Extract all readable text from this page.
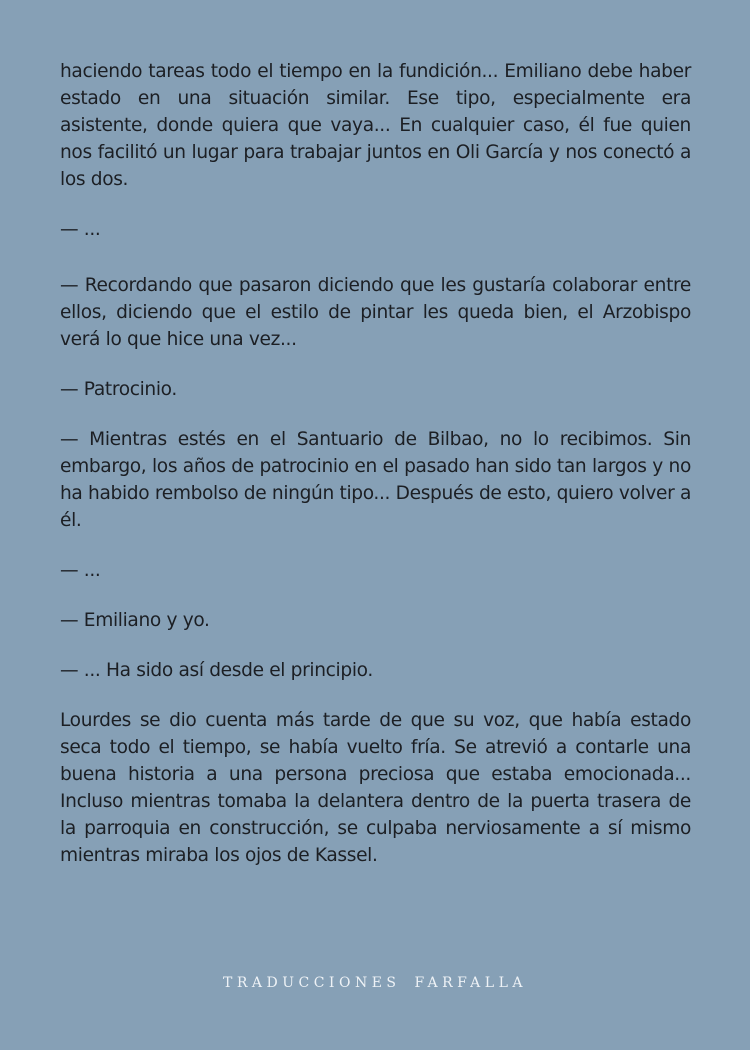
haciendo tareas todo el tiempo en la fundición... Emiliano debe haber estado en una situación similar. Ese tipo, especialmente era asistente, donde quiera que vaya... En cualquier caso, él fue quien nos facilitó un lugar para trabajar juntos en Oli García y nos conectó a los dos.

— ...

— Recordando que pasaron diciendo que les gustaría colaborar entre ellos, diciendo que el estilo de pintar les queda bien, el Arzobispo verá lo que hice una vez...

— Patrocinio.

— Mientras estés en el Santuario de Bilbao, no lo recibimos. Sin embargo, los años de patrocinio en el pasado han sido tan largos y no ha habido rembolso de ningún tipo... Después de esto, quiero volver a él.

— ...

— Emiliano y yo.

— ... Ha sido así desde el principio.

Lourdes se dio cuenta más tarde de que su voz, que había estado seca todo el tiempo, se había vuelto fría. Se atrevió a contarle una buena historia a una persona preciosa que estaba emocionada... Incluso mientras tomaba la delantera dentro de la puerta trasera de la parroquia en construcción, se culpaba nerviosamente a sí mismo mientras miraba los ojos de Kassel.

TRADUCCIONES FARFALLA
